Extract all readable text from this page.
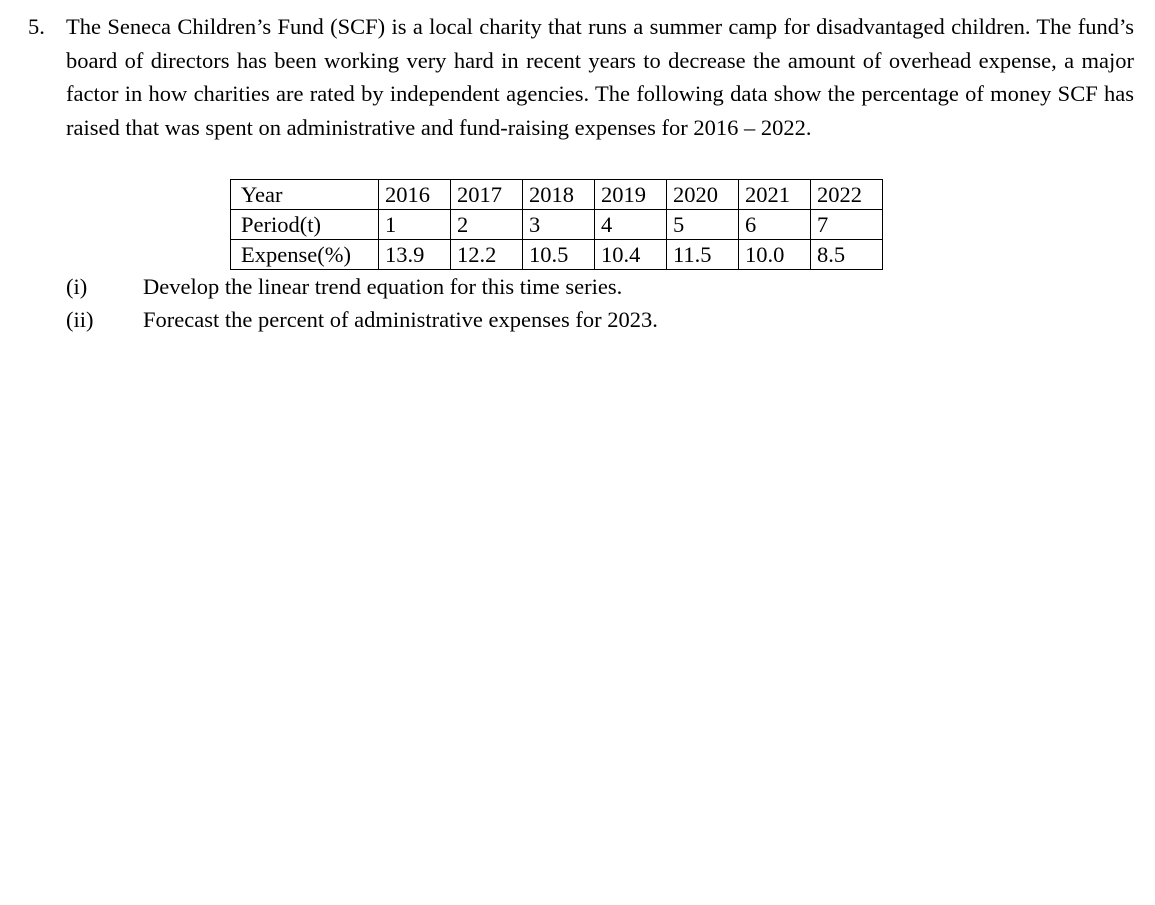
5. The Seneca Children’s Fund (SCF) is a local charity that runs a summer camp for disadvantaged children. The fund’s board of directors has been working very hard in recent years to decrease the amount of overhead expense, a major factor in how charities are rated by independent agencies. The following data show the percentage of money SCF has raised that was spent on administrative and fund-raising expenses for 2016 – 2022.
Year	2016	2017	2018	2019	2020	2021	2022
Period(t)	1	2	3	4	5	6	7
Expense(%)	13.9	12.2	10.5	10.4	11.5	10.0	8.5
(i) Develop the linear trend equation for this time series.
(ii) Forecast the percent of administrative expenses for 2023.
